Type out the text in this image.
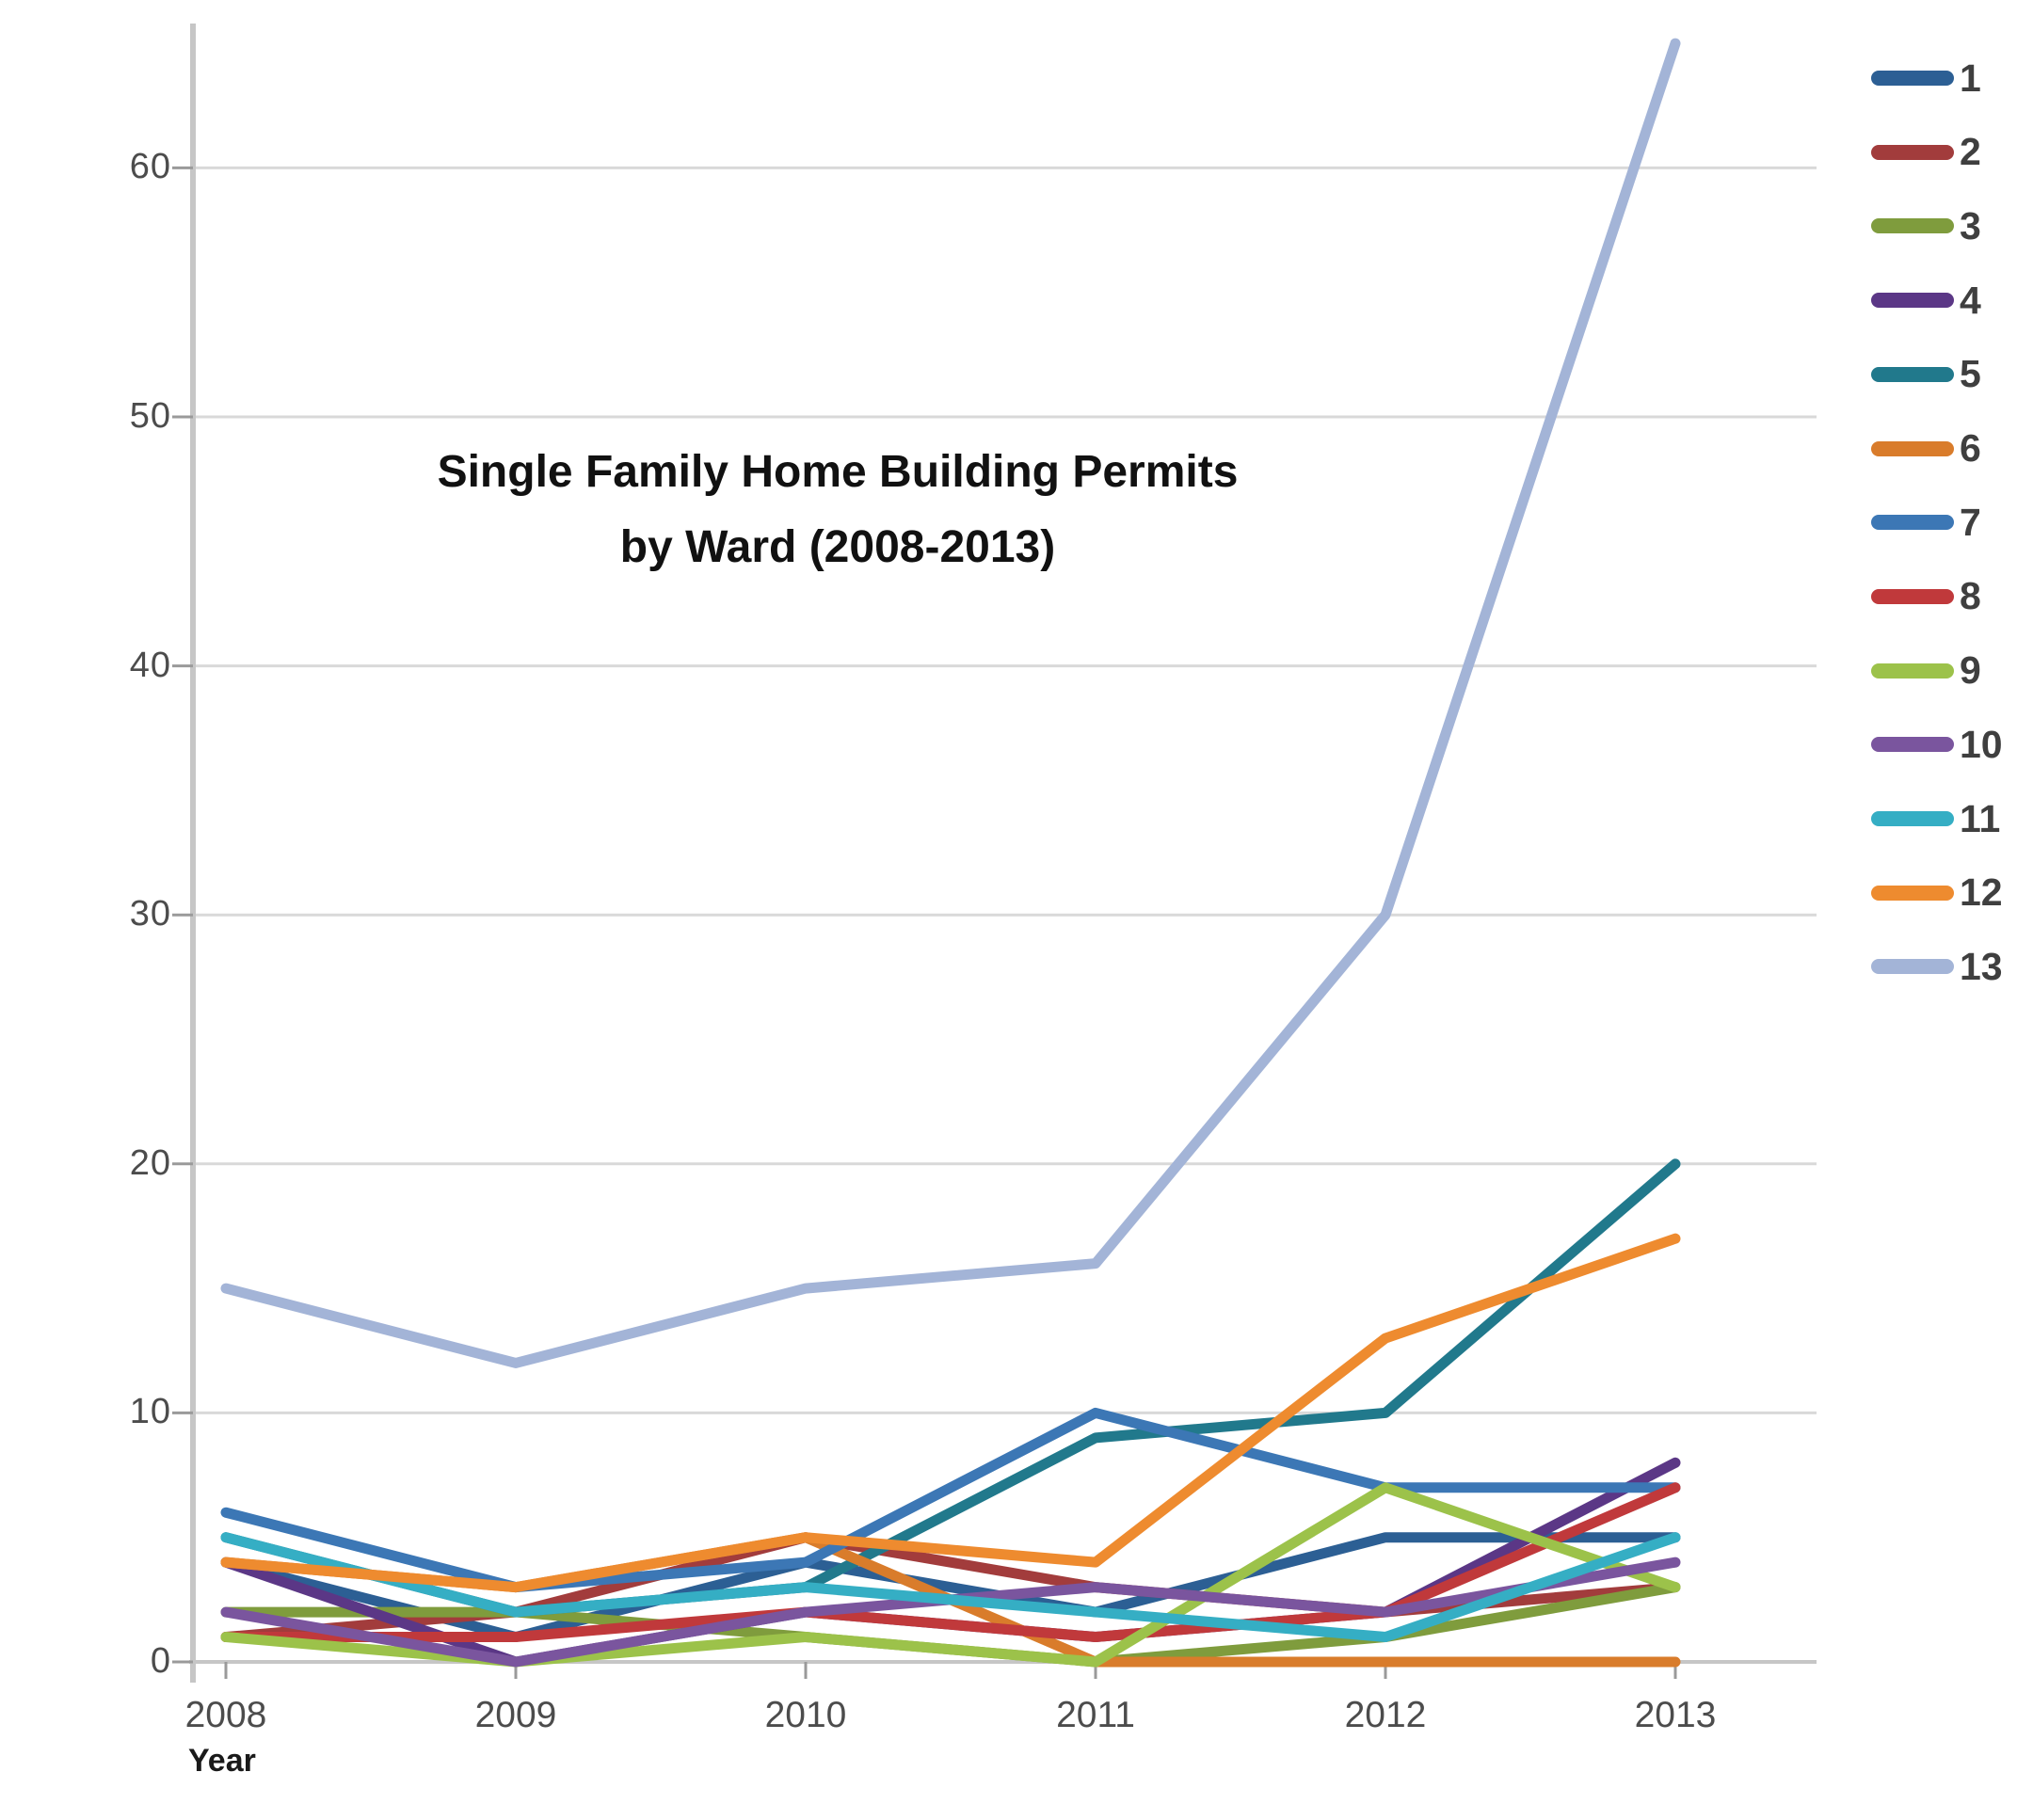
0
10
20
30
40
50
60
2008	2009	2010	2011	2012	2013
Single Family Home Building Permits
by Ward (2008-2013)
Year
1
2
3
4
5
6
7
8
9
10
11
12
13
